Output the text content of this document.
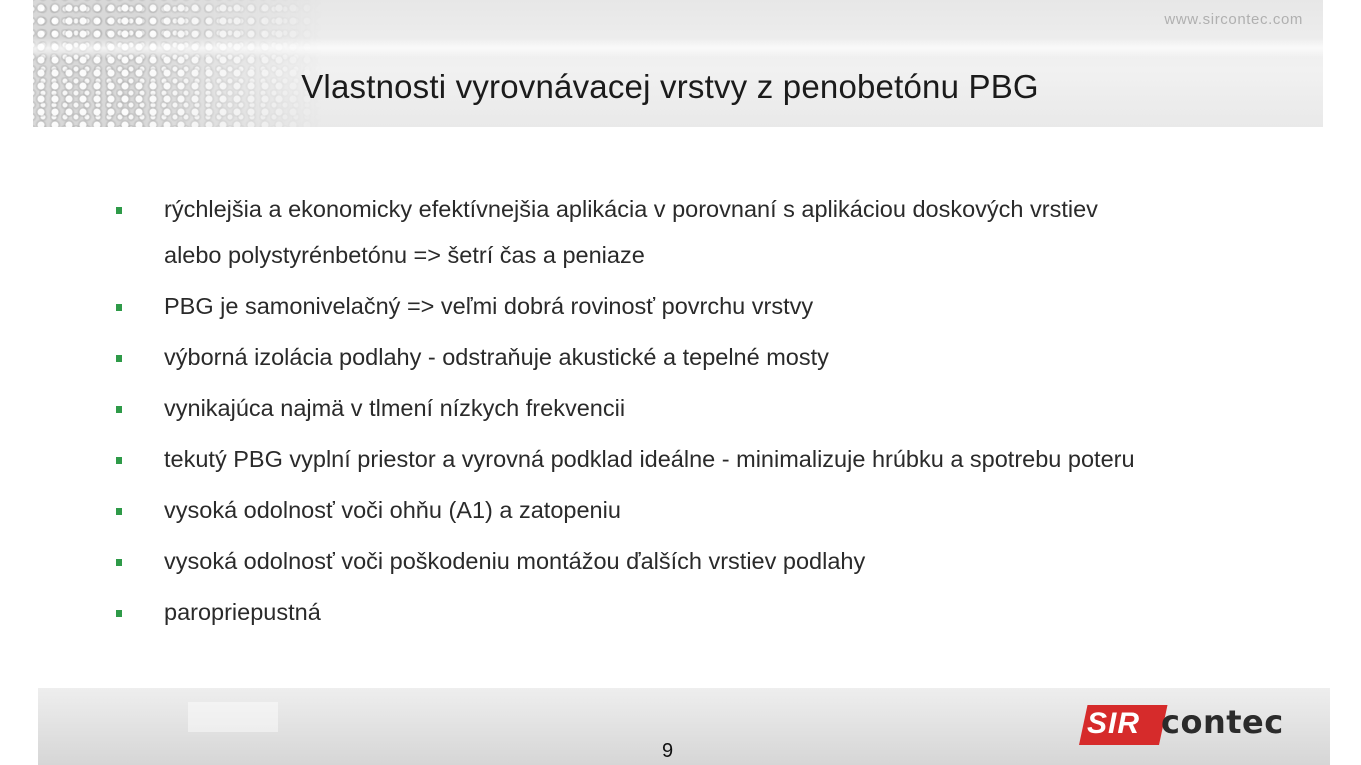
www.sircontec.com
Vlastnosti vyrovnávacej vrstvy z penobetónu PBG
rýchlejšia a ekonomicky efektívnejšia aplikácia v porovnaní s aplikáciou doskových vrstiev
alebo polystyrénbetónu => šetrí čas a peniaze
PBG je samonivelačný => veľmi dobrá rovinosť povrchu vrstvy
výborná izolácia podlahy - odstraňuje akustické a tepelné mosty
vynikajúca najmä v tlmení nízkych frekvencii
tekutý PBG vyplní priestor a vyrovná podklad ideálne - minimalizuje hrúbku a spotrebu poteru
vysoká odolnosť voči ohňu (A1) a zatopeniu
vysoká odolnosť voči poškodeniu montážou ďalších vrstiev podlahy
paropriepustná
9
SIR contec
